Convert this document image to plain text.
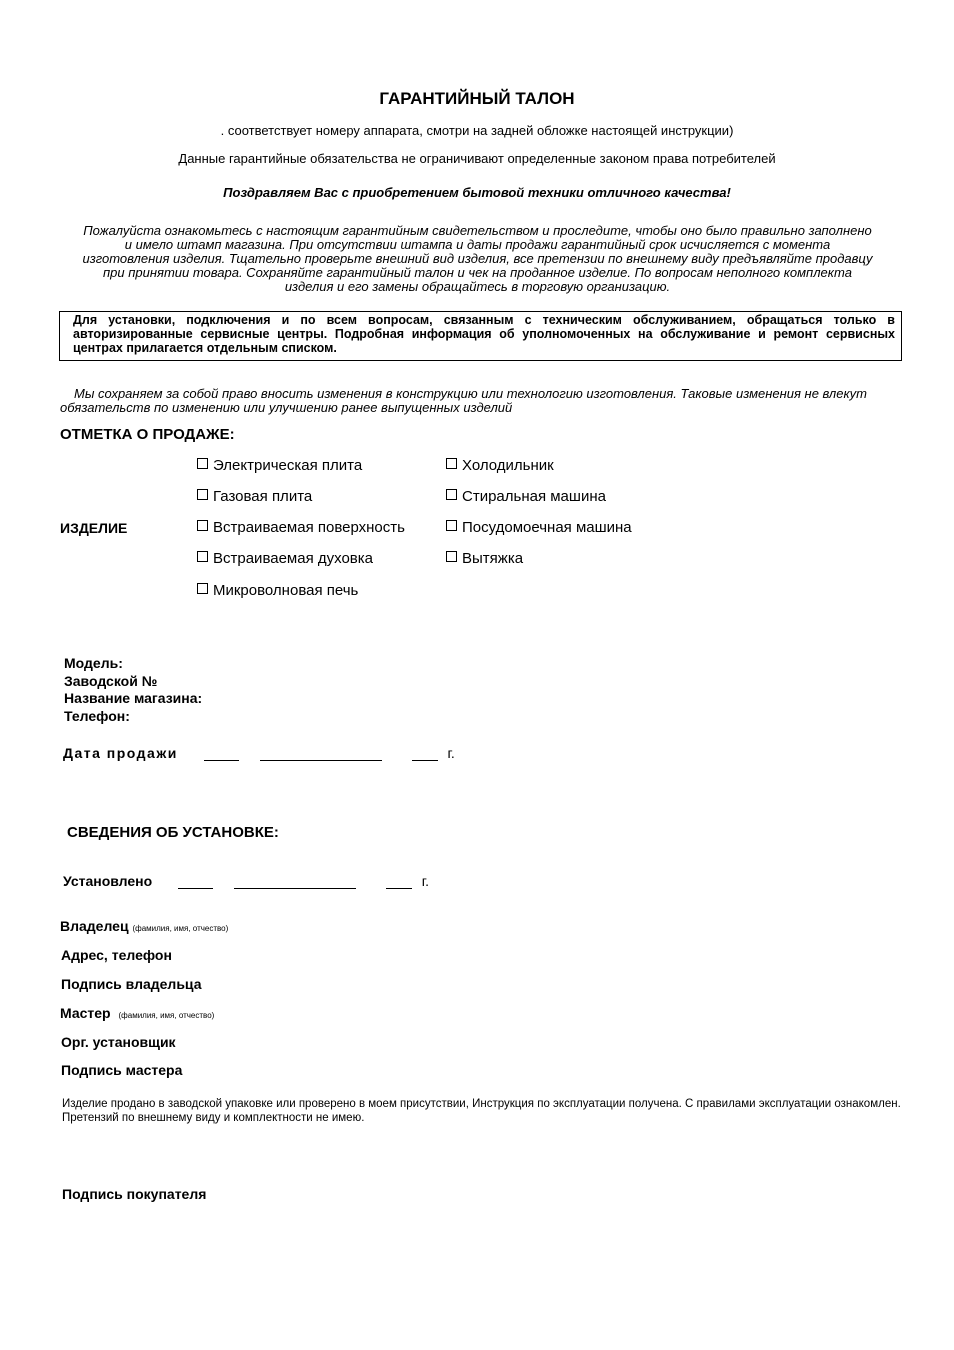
ГАРАНТИЙНЫЙ ТАЛОН
. соответствует номеру аппарата, смотри на задней обложке настоящей инструкции)
Данные гарантийные обязательства не ограничивают определенные законом права потребителей
Поздравляем Вас с приобретением бытовой техники отличного качества!
Пожалуйста ознакомьтесь с настоящим гарантийным свидетельством и проследите, чтобы оно было правильно заполнено и имело штамп магазина. При отсутствии штампа и даты продажи гарантийный срок исчисляется с момента изготовления изделия. Тщательно проверьте внешний вид изделия, все претензии по внешнему виду предъявляйте продавцу при принятии товара. Сохраняйте гарантийный талон и чек на проданное изделие. По вопросам неполного комплекта изделия и его замены обращайтесь в торговую организацию.
Для установки, подключения и по всем вопросам, связанным с техническим обслуживанием, обращаться только в авторизированные сервисные центры. Подробная информация об уполномоченных на обслуживание и ремонт сервисных центрах прилагается отдельным списком.
Мы сохраняем за собой право вносить изменения в конструкцию или технологию изготовления. Таковые изменения не влекут обязательств по изменению или улучшению ранее выпущенных изделий
ОТМЕТКА О ПРОДАЖЕ:
ИЗДЕЛИЕ
Электрическая плита
Газовая плита
Встраиваемая поверхность
Встраиваемая духовка
Микроволновая печь
Холодильник
Стиральная машина
Посудомоечная машина
Вытяжка
Модель:
Заводской №
Название магазина:
Телефон:
Дата продажи	г.
СВЕДЕНИЯ ОБ УСТАНОВКЕ:
Установлено	г.
Владелец (фамилия, имя, отчество)
Адрес, телефон
Подпись владельца
Мастер (фамилия, имя, отчество)
Орг. установщик
Подпись мастера
Изделие продано в заводской упаковке или проверено в моем присутствии, Инструкция по эксплуатации получена. С правилами эксплуатации ознакомлен. Претензий по внешнему виду и комплектности не имею.
Подпись покупателя
